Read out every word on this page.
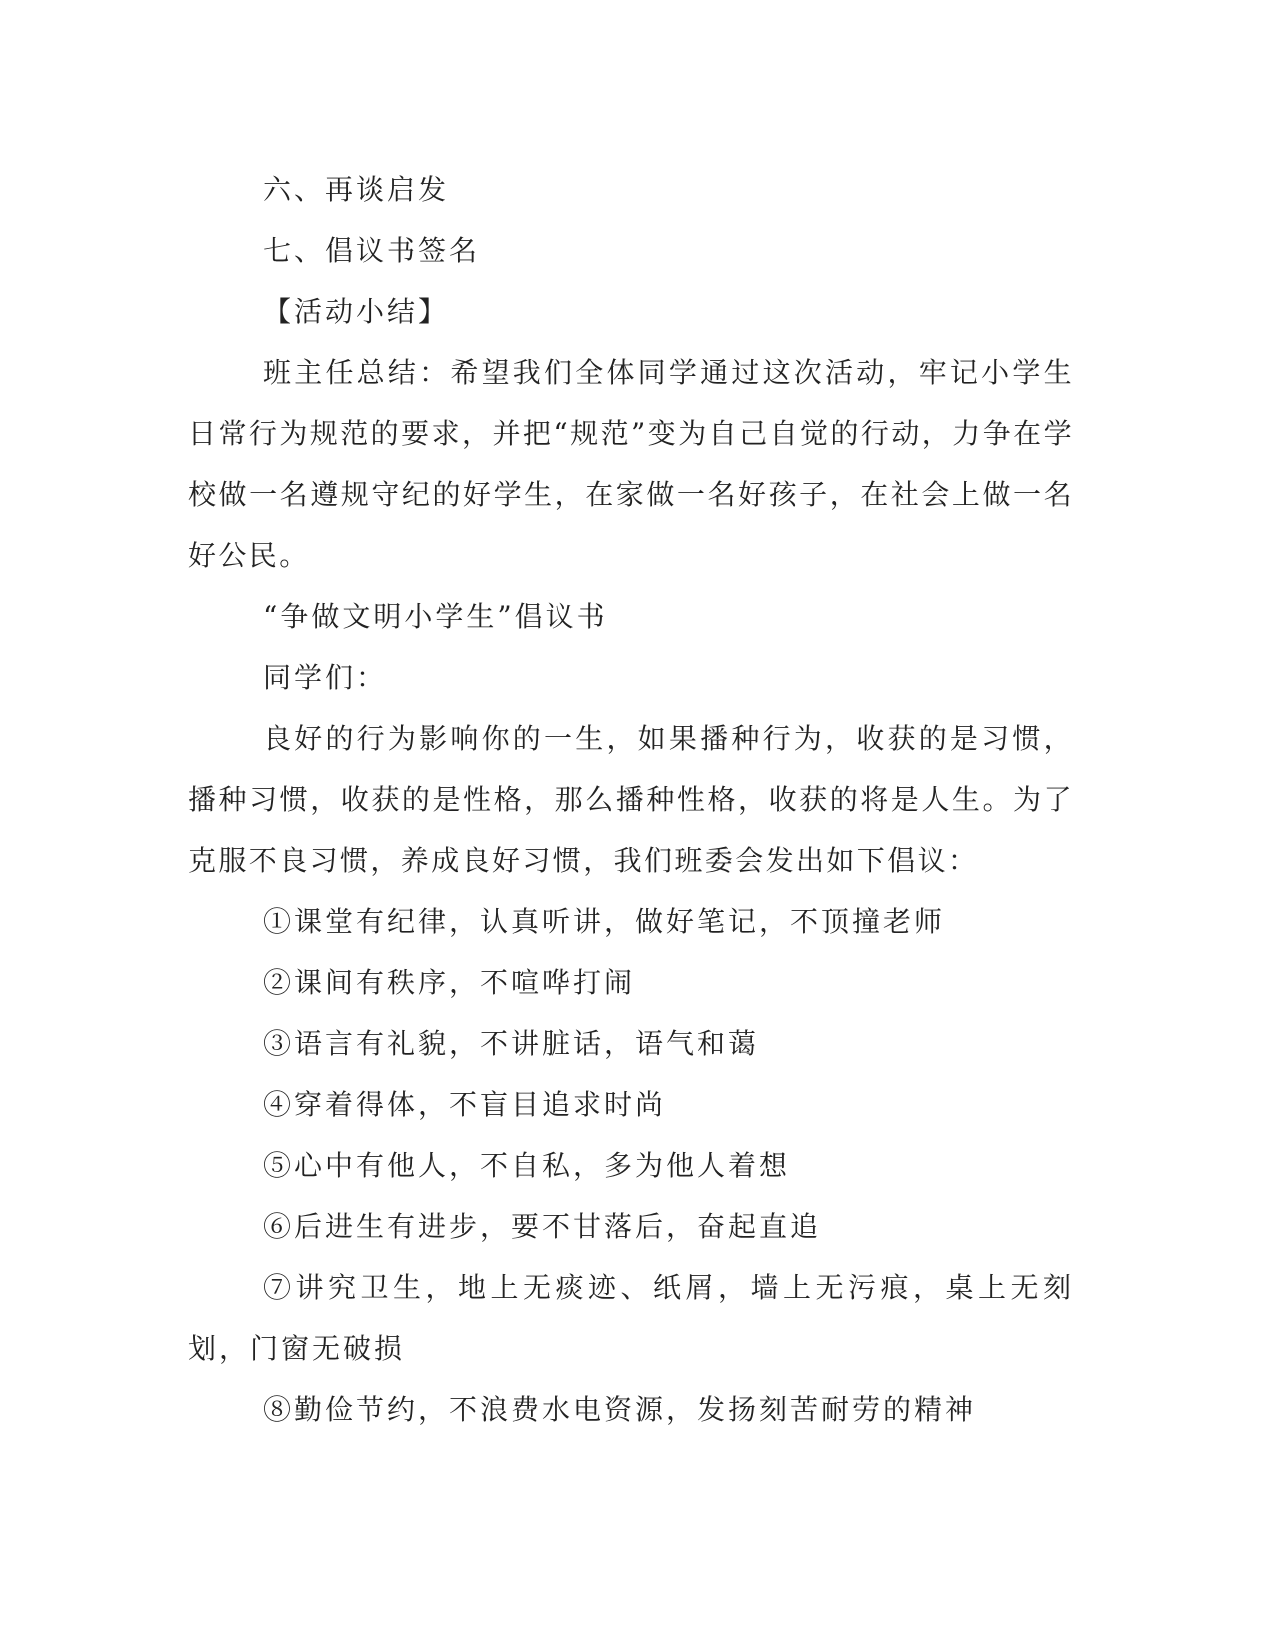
六、再谈启发

七、倡议书签名

【活动小结】

班主任总结：希望我们全体同学通过这次活动，牢记小学生日常行为规范的要求，并把“规范”变为自己自觉的行动，力争在学校做一名遵规守纪的好学生，在家做一名好孩子，在社会上做一名好公民。

“争做文明小学生”倡议书

同学们：

良好的行为影响你的一生，如果播种行为，收获的是习惯，播种习惯，收获的是性格，那么播种性格，收获的将是人生。为了克服不良习惯，养成良好习惯，我们班委会发出如下倡议：

①课堂有纪律，认真听讲，做好笔记，不顶撞老师

②课间有秩序，不喧哗打闹

③语言有礼貌，不讲脏话，语气和蔼

④穿着得体，不盲目追求时尚

⑤心中有他人，不自私，多为他人着想

⑥后进生有进步，要不甘落后，奋起直追

⑦讲究卫生，地上无痰迹、纸屑，墙上无污痕，桌上无刻划，门窗无破损

⑧勤俭节约，不浪费水电资源，发扬刻苦耐劳的精神
